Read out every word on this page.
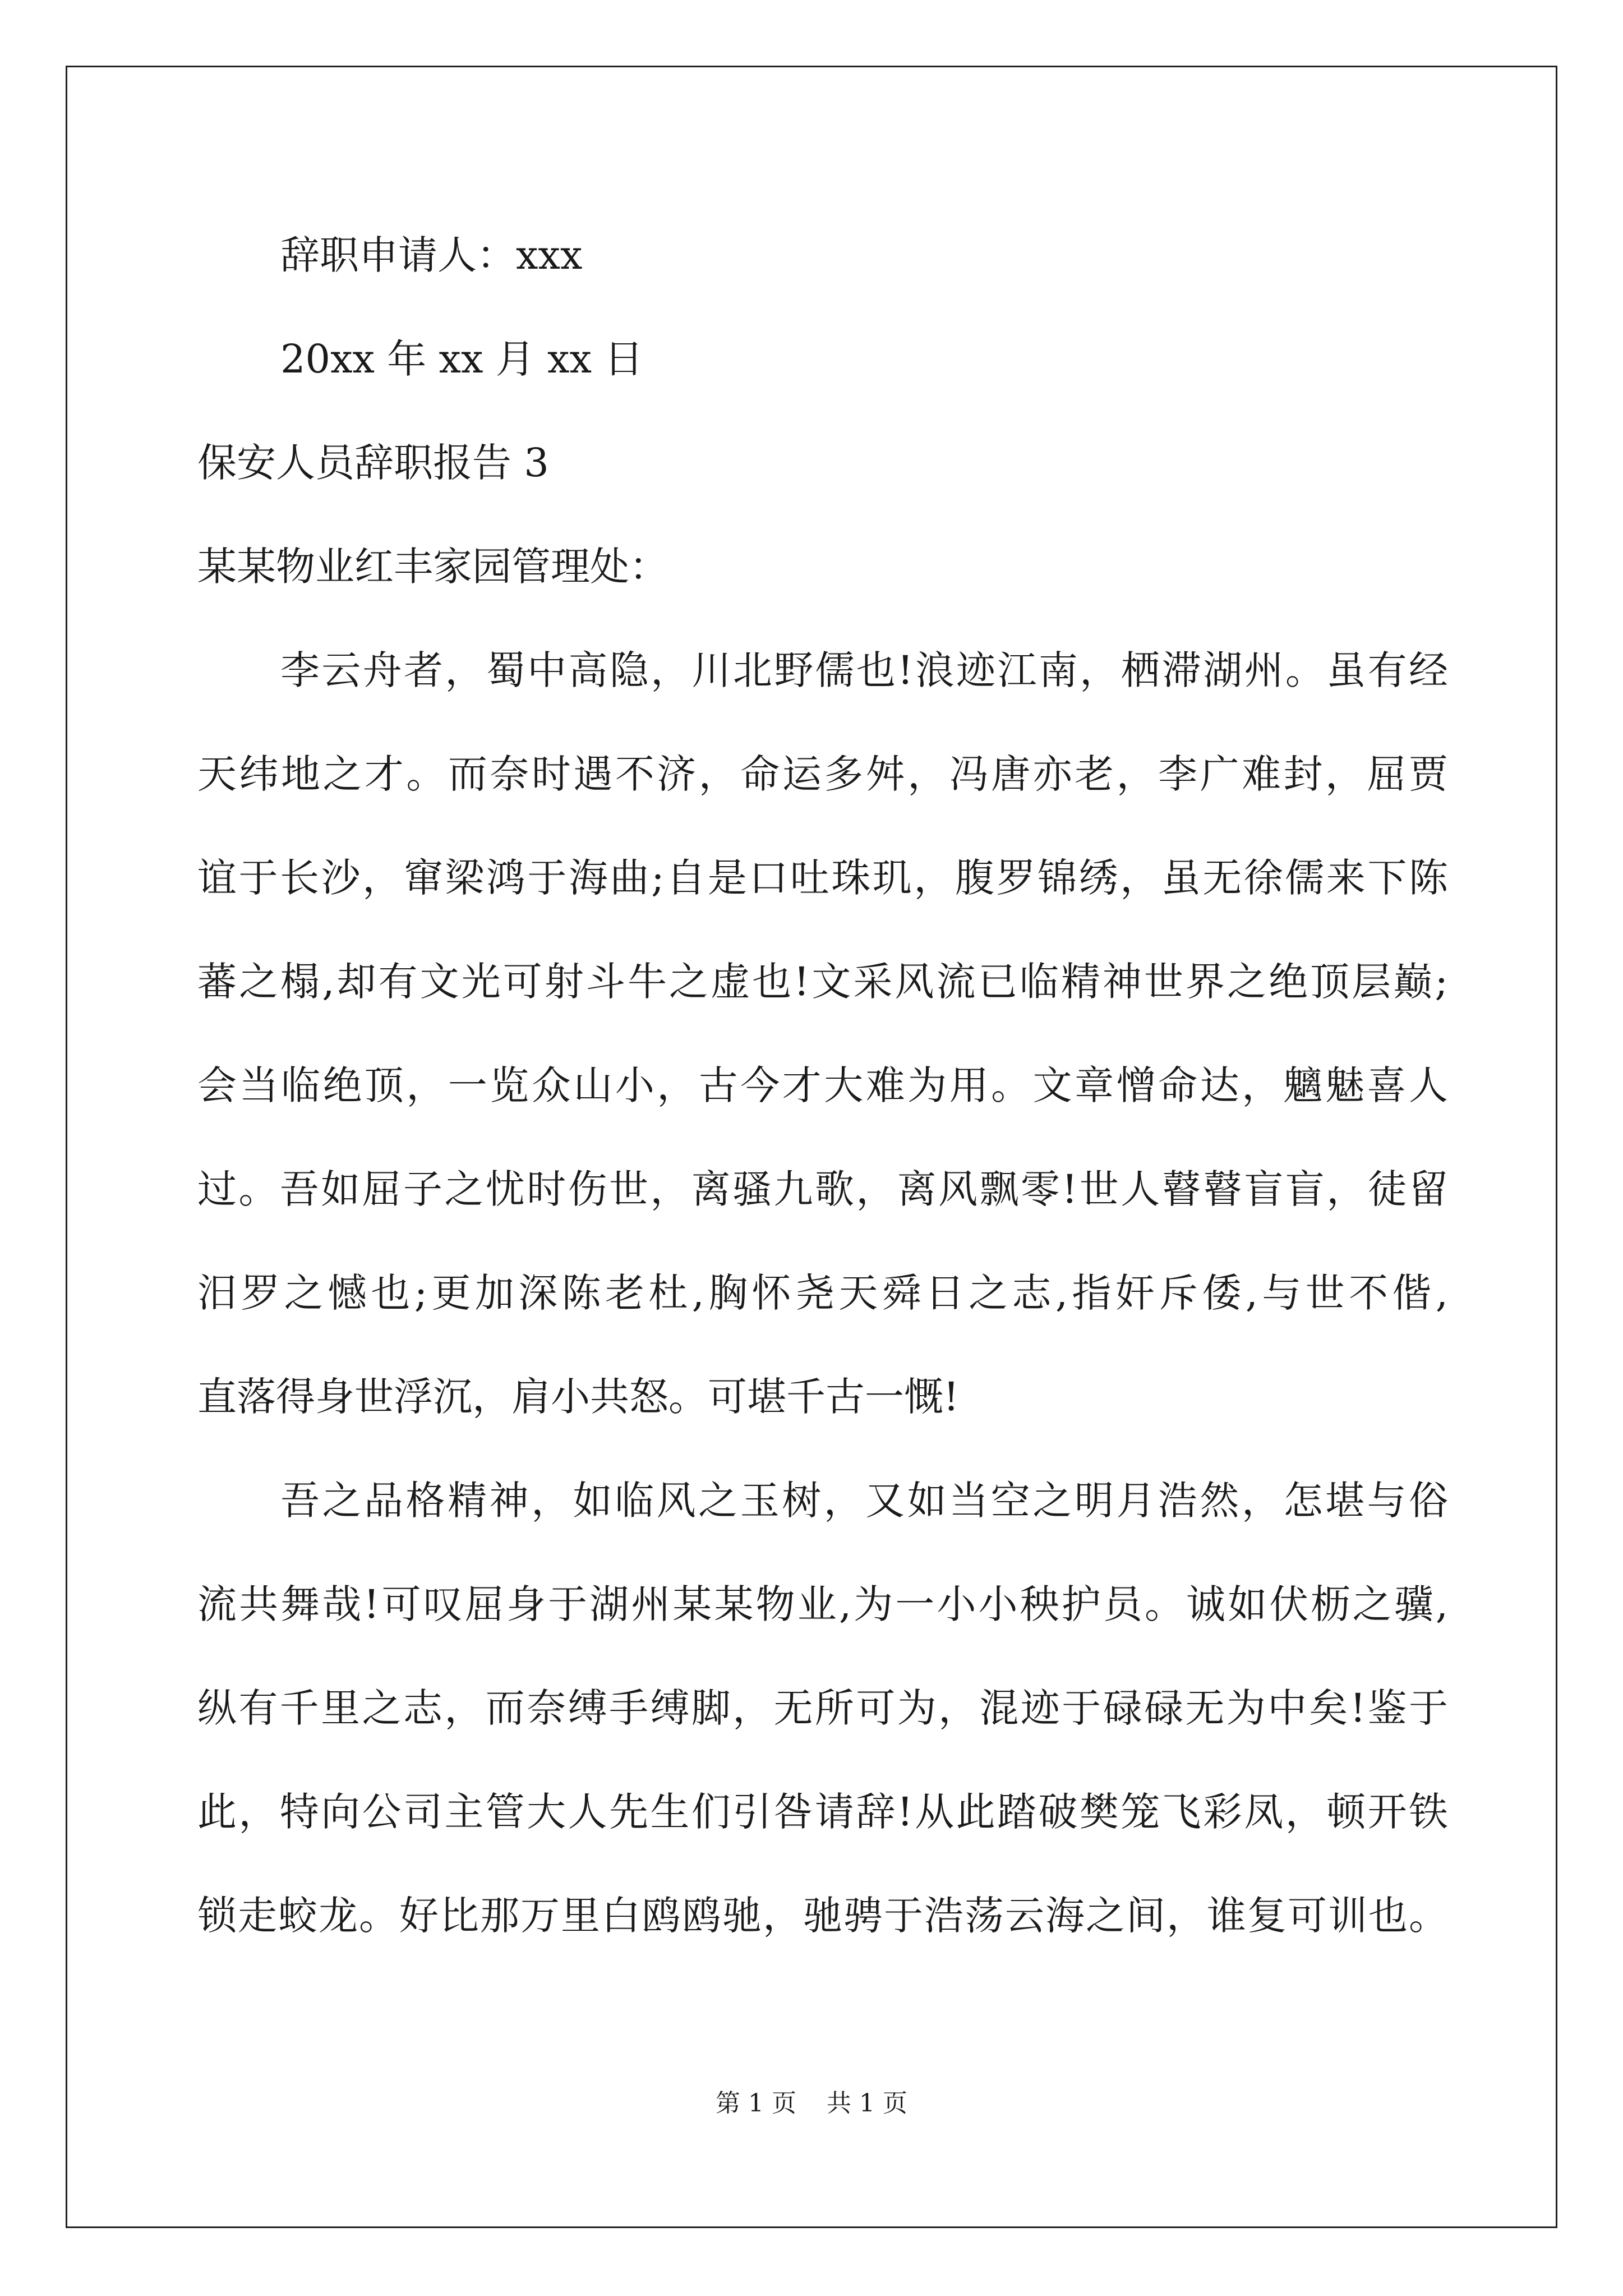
辞职申请人：xxx
20xx 年 xx 月 xx 日
保安人员辞职报告 3
某某物业红丰家园管理处：
李云舟者，蜀中高隐，川北野儒也!浪迹江南，栖滞湖州。虽有经
天纬地之才。而奈时遇不济，命运多舛，冯唐亦老，李广难封，屈贾
谊于长沙，窜梁鸿于海曲;自是口吐珠玑，腹罗锦绣，虽无徐儒来下陈
蕃之榻,却有文光可射斗牛之虚也!文采风流已临精神世界之绝顶层巅;
会当临绝顶，一览众山小，古今才大难为用。文章憎命达，魑魅喜人
过。吾如屈子之忧时伤世，离骚九歌，离风飘零!世人瞽瞽盲盲，徒留
汨罗之憾也;更加深陈老杜,胸怀尧天舜日之志,指奸斥倭,与世不偕,
直落得身世浮沉，肩小共怒。可堪千古一慨!
吾之品格精神，如临风之玉树，又如当空之明月浩然，怎堪与俗
流共舞哉!可叹屈身于湖州某某物业,为一小小秧护员。诚如伏枥之骥,
纵有千里之志，而奈缚手缚脚，无所可为，混迹于碌碌无为中矣!鉴于
此，特向公司主管大人先生们引咎请辞!从此踏破樊笼飞彩凤，顿开铁
锁走蛟龙。好比那万里白鸥鸥驰，驰骋于浩荡云海之间，谁复可训也。
第 1 页 共 1 页
